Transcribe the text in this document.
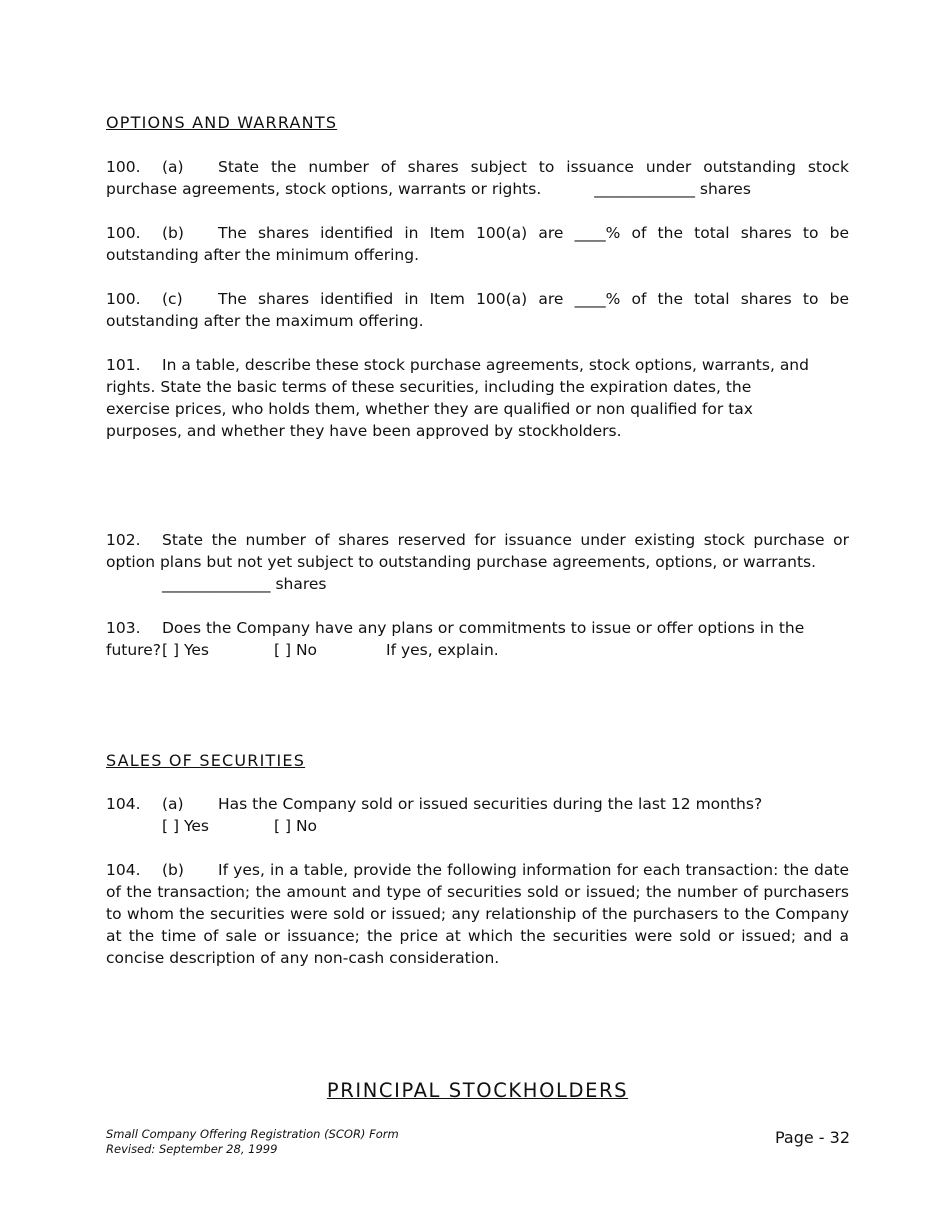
OPTIONS AND WARRANTS
100. (a) State the number of shares subject to issuance under outstanding stock purchase agreements, stock options, warrants or rights.	_____________ shares
100. (b) The shares identified in Item 100(a) are ____% of the total shares to be outstanding after the minimum offering.
100. (c) The shares identified in Item 100(a) are ____% of the total shares to be outstanding after the maximum offering.
101. In a table, describe these stock purchase agreements, stock options, warrants, and rights. State the basic terms of these securities, including the expiration dates, the exercise prices, who holds them, whether they are qualified or non qualified for tax purposes, and whether they have been approved by stockholders.
102. State the number of shares reserved for issuance under existing stock purchase or option plans but not yet subject to outstanding purchase agreements, options, or warrants.
______________ shares
103. Does the Company have any plans or commitments to issue or offer options in the future? [ ] Yes	[ ] No	If yes, explain.
SALES OF SECURITIES
104. (a) Has the Company sold or issued securities during the last 12 months?
[ ] Yes	[ ] No
104. (b) If yes, in a table, provide the following information for each transaction: the date of the transaction; the amount and type of securities sold or issued; the number of purchasers to whom the securities were sold or issued; any relationship of the purchasers to the Company at the time of sale or issuance; the price at which the securities were sold or issued; and a concise description of any non-cash consideration.
PRINCIPAL STOCKHOLDERS
Small Company Offering Registration (SCOR) Form
Revised: September 28, 1999
Page - 32
